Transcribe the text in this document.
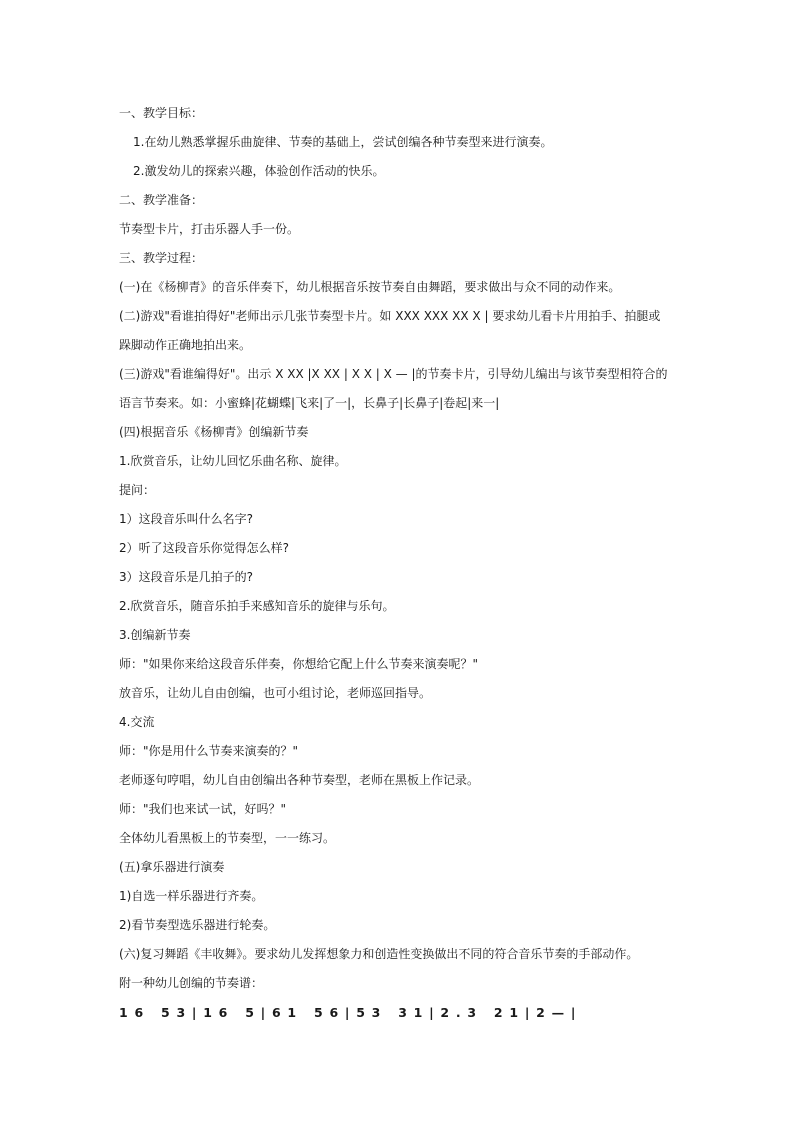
一、教学目标：
1.在幼儿熟悉掌握乐曲旋律、节奏的基础上，尝试创编各种节奏型来进行演奏。
2.激发幼儿的探索兴趣，体验创作活动的快乐。
二、教学准备：
节奏型卡片，打击乐器人手一份。
三、教学过程：
(一)在《杨柳青》的音乐伴奏下，幼儿根据音乐按节奏自由舞蹈，要求做出与众不同的动作来。
(二)游戏"看谁拍得好"老师出示几张节奏型卡片。如 XXX XXX XX X | 要求幼儿看卡片用拍手、拍腿或
跺脚动作正确地拍出来。
(三)游戏"看谁编得好"。出示 X XX |X XX | X X | X — |的节奏卡片，引导幼儿编出与该节奏型相符合的
语言节奏来。如：小蜜蜂|花蝴蝶|飞来|了一|，长鼻子|长鼻子|卷起|来一|
(四)根据音乐《杨柳青》创编新节奏
1.欣赏音乐，让幼儿回忆乐曲名称、旋律。
提问：
1）这段音乐叫什么名字?
2）听了这段音乐你觉得怎么样?
3）这段音乐是几拍子的?
2.欣赏音乐，随音乐拍手来感知音乐的旋律与乐句。
3.创编新节奏
师："如果你来给这段音乐伴奏，你想给它配上什么节奏来演奏呢？"
放音乐，让幼儿自由创编，也可小组讨论，老师巡回指导。
4.交流
师："你是用什么节奏来演奏的？"
老师逐句哼唱，幼儿自由创编出各种节奏型，老师在黑板上作记录。
师："我们也来试一试，好吗？"
全体幼儿看黑板上的节奏型，一一练习。
(五)拿乐器进行演奏
1)自选一样乐器进行齐奏。
2)看节奏型选乐器进行轮奏。
(六)复习舞蹈《丰收舞》。要求幼儿发挥想象力和创造性变换做出不同的符合音乐节奏的手部动作。
附一种幼儿创编的节奏谱：
1 6   5 3 | 1 6   5 | 6 1   5 6 | 5 3   3 1 | 2 . 3   2 1 | 2 — |
